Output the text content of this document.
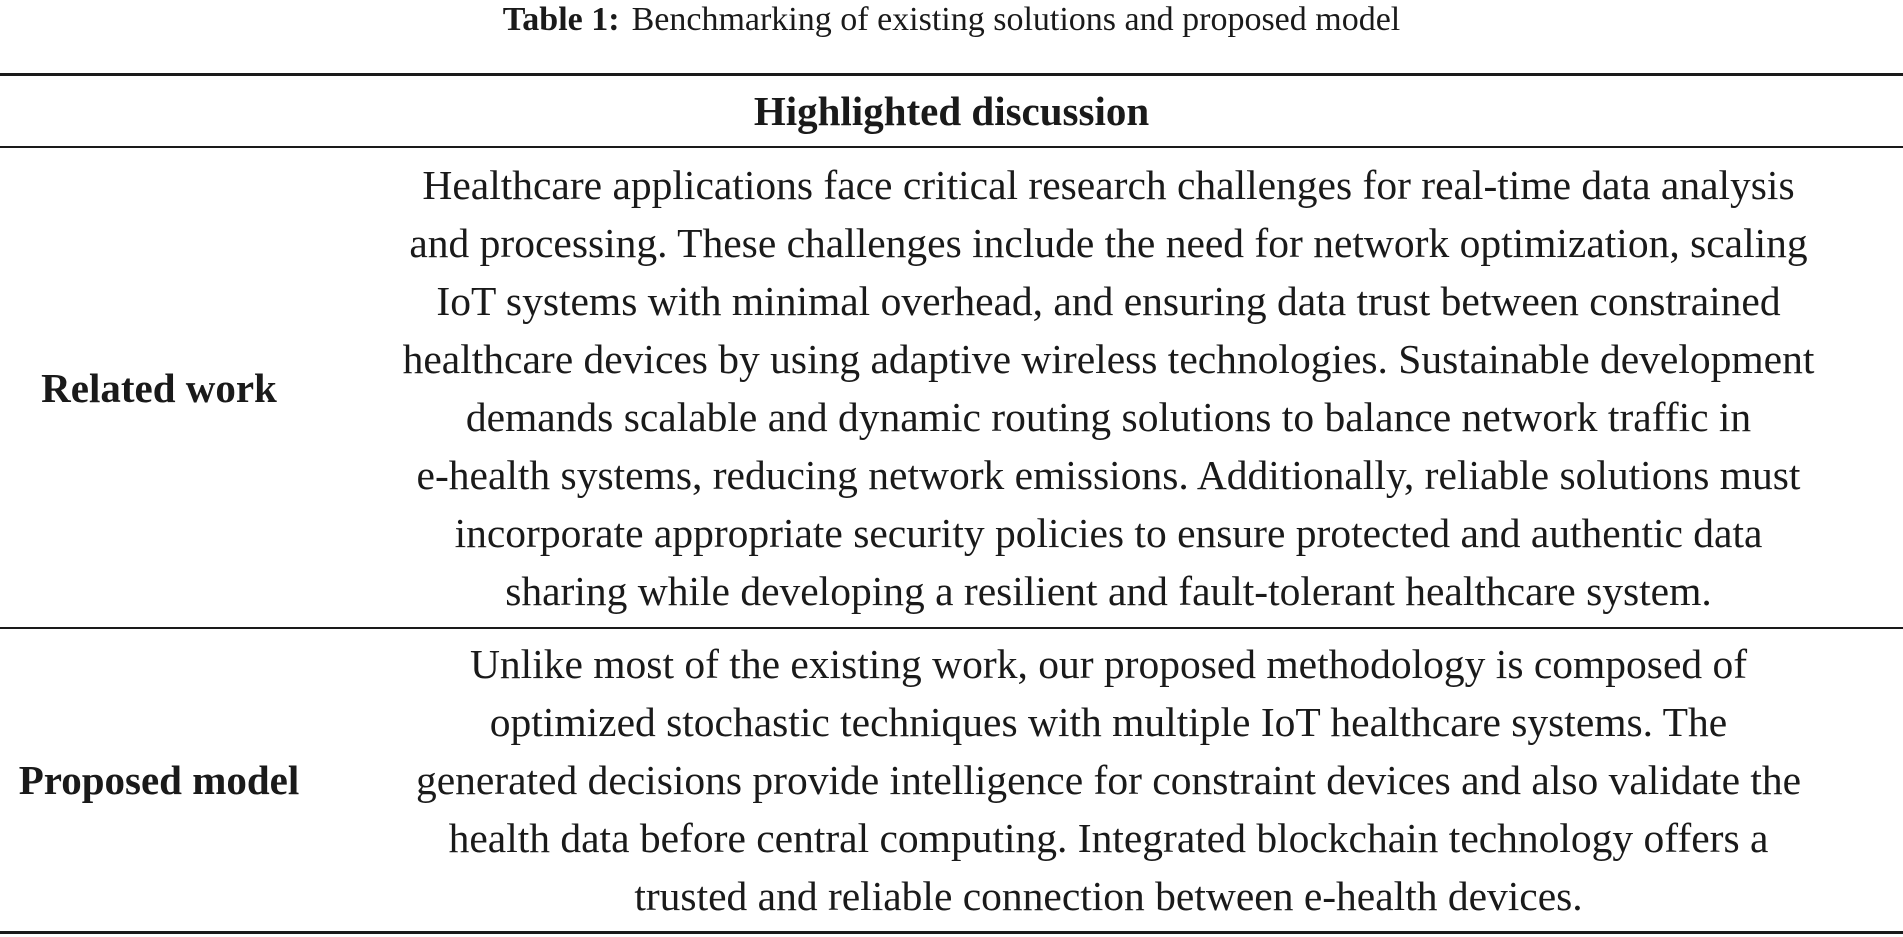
Table 1: Benchmarking of existing solutions and proposed model
Highlighted discussion
Related work
Healthcare applications face critical research challenges for real-time data analysis
and processing. These challenges include the need for network optimization, scaling
IoT systems with minimal overhead, and ensuring data trust between constrained
healthcare devices by using adaptive wireless technologies. Sustainable development
demands scalable and dynamic routing solutions to balance network traffic in
e-health systems, reducing network emissions. Additionally, reliable solutions must
incorporate appropriate security policies to ensure protected and authentic data
sharing while developing a resilient and fault-tolerant healthcare system.
Proposed model
Unlike most of the existing work, our proposed methodology is composed of
optimized stochastic techniques with multiple IoT healthcare systems. The
generated decisions provide intelligence for constraint devices and also validate the
health data before central computing. Integrated blockchain technology offers a
trusted and reliable connection between e-health devices.
